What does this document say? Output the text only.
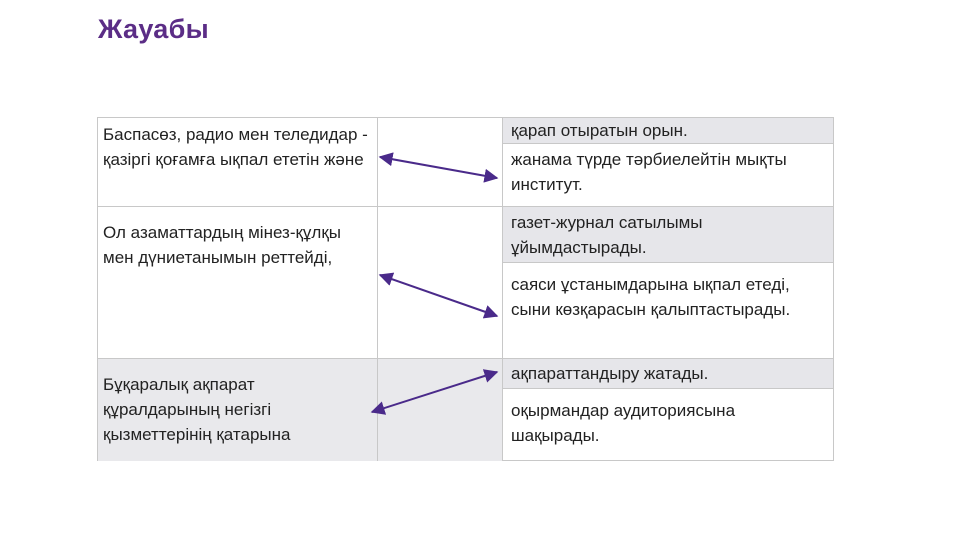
Жауабы
Баспасөз, радио мен теледидар - қазіргі қоғамға ықпал ететін және
қарап отыратын орын.
жанама түрде тәрбиелейтін мықты институт.
Ол азаматтардың мінез-құлқы мен дүниетанымын реттейді,
газет-журнал сатылымы ұйымдастырады.
саяси ұстанымдарына ықпал етеді, сыни көзқарасын қалыптастырады.
Бұқаралық ақпарат құралдарының негізгі қызметтерінің қатарына
ақпараттандыру жатады.
оқырмандар аудиториясына шақырады.
